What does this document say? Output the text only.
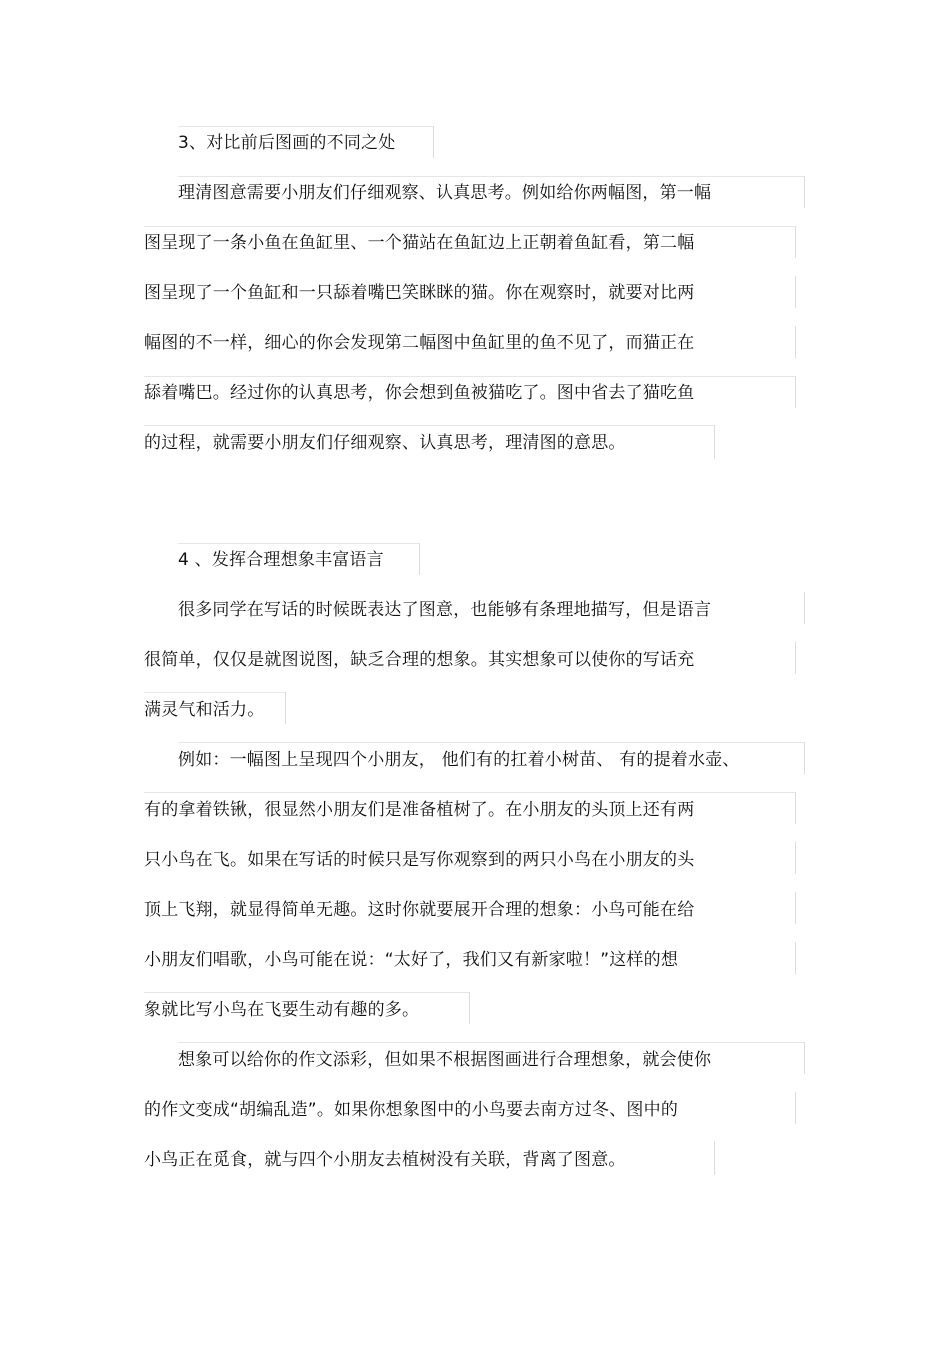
3、对比前后图画的不同之处
理清图意需要小朋友们仔细观察、认真思考。例如给你两幅图，第一幅
图呈现了一条小鱼在鱼缸里、一个猫站在鱼缸边上正朝着鱼缸看，第二幅
图呈现了一个鱼缸和一只舔着嘴巴笑眯眯的猫。你在观察时，就要对比两
幅图的不一样，细心的你会发现第二幅图中鱼缸里的鱼不见了，而猫正在
舔着嘴巴。经过你的认真思考，你会想到鱼被猫吃了。图中省去了猫吃鱼
的过程，就需要小朋友们仔细观察、认真思考，理清图的意思。
4 、发挥合理想象丰富语言
很多同学在写话的时候既表达了图意，也能够有条理地描写，但是语言
很简单，仅仅是就图说图，缺乏合理的想象。其实想象可以使你的写话充
满灵气和活力。
例如：一幅图上呈现四个小朋友， 他们有的扛着小树苗、 有的提着水壶、
有的拿着铁锹，很显然小朋友们是准备植树了。在小朋友的头顶上还有两
只小鸟在飞。如果在写话的时候只是写你观察到的两只小鸟在小朋友的头
顶上飞翔，就显得简单无趣。这时你就要展开合理的想象：小鸟可能在给
小朋友们唱歌，小鸟可能在说：“太好了，我们又有新家啦！”这样的想
象就比写小鸟在飞要生动有趣的多。
想象可以给你的作文添彩，但如果不根据图画进行合理想象，就会使你
的作文变成“胡编乱造”。如果你想象图中的小鸟要去南方过冬、图中的
小鸟正在觅食，就与四个小朋友去植树没有关联，背离了图意。
